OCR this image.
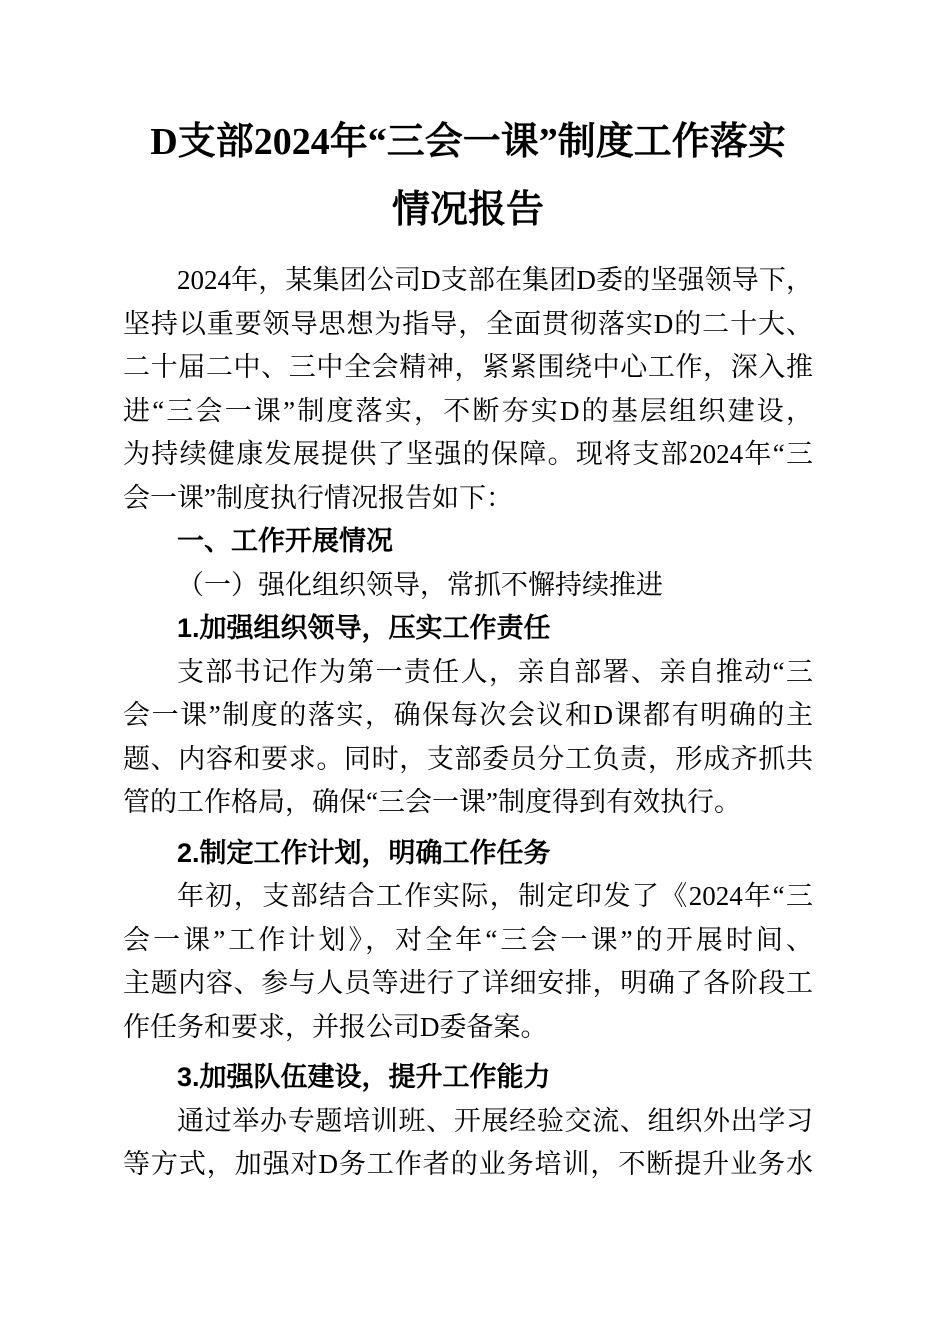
D支部2024年“三会一课”制度工作落实
情况报告
2024年，某集团公司D支部在集团D委的坚强领导下，
坚持以重要领导思想为指导，全面贯彻落实D的二十大、
二十届二中、三中全会精神，紧紧围绕中心工作，深入推
进“三会一课”制度落实，不断夯实D的基层组织建设，
为持续健康发展提供了坚强的保障。现将支部2024年“三
会一课”制度执行情况报告如下：
一、工作开展情况
（一）强化组织领导，常抓不懈持续推进
1.加强组织领导，压实工作责任
支部书记作为第一责任人，亲自部署、亲自推动“三
会一课”制度的落实，确保每次会议和D课都有明确的主
题、内容和要求。同时，支部委员分工负责，形成齐抓共
管的工作格局，确保“三会一课”制度得到有效执行。
2.制定工作计划，明确工作任务
年初，支部结合工作实际，制定印发了《2024年“三
会一课”工作计划》，对全年“三会一课”的开展时间、
主题内容、参与人员等进行了详细安排，明确了各阶段工
作任务和要求，并报公司D委备案。
3.加强队伍建设，提升工作能力
通过举办专题培训班、开展经验交流、组织外出学习
等方式，加强对D务工作者的业务培训，不断提升业务水
